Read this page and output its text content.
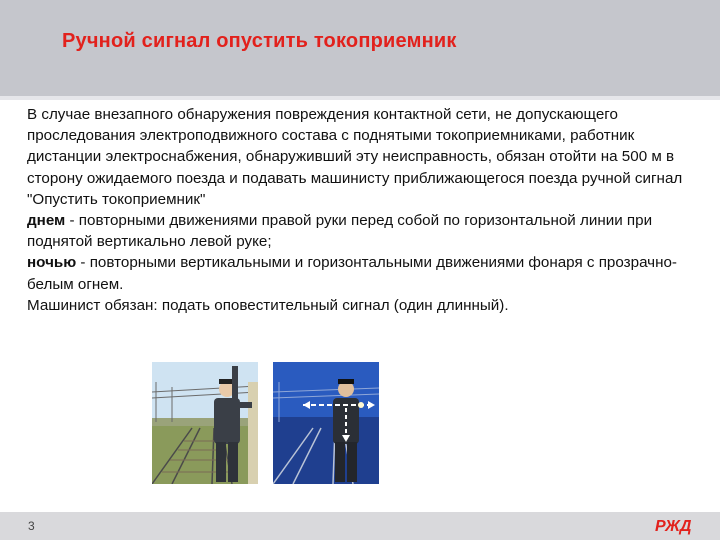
Ручной сигнал опустить токоприемник

В случае внезапного обнаружения повреждения контактной сети, не допускающего проследования электроподвижного состава с поднятыми токоприемниками, работник дистанции электроснабжения, обнаруживший эту неисправность, обязан отойти на 500 м в сторону ожидаемого поезда и подавать машинисту приближающегося поезда ручной сигнал "Опустить токоприемник"

днем - повторными движениями правой руки перед собой по горизонтальной линии при поднятой вертикально левой руке;

ночью - повторными вертикальными и горизонтальными движениями фонаря с прозрачно-белым огнем.

Машинист обязан: подать оповестительный сигнал (один длинный).

3	РЖД
